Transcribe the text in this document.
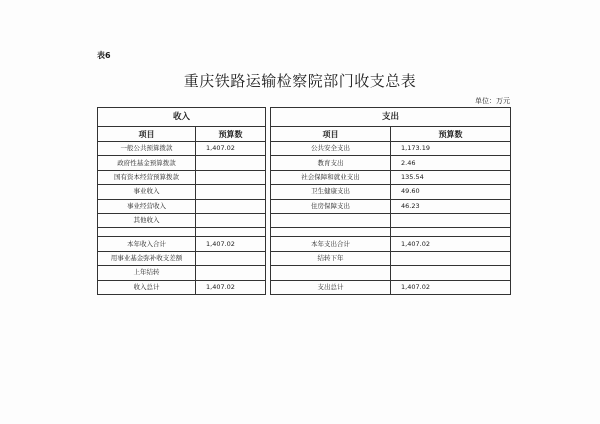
表6
重庆铁路运输检察院部门收支总表
单位：万元
收入			支出	
项目	预算数		项目	预算数
一般公共预算拨款	1,407.02		公共安全支出	1,173.19
政府性基金预算拨款			教育支出	2.46
国有资本经营预算拨款			社会保障和就业支出	135.54
事业收入			卫生健康支出	49.60
事业经营收入			住房保障支出	46.23
其他收入				

本年收入合计	1,407.02		本年支出合计	1,407.02
用事业基金弥补收支差额			结转下年	
上年结转				
收入总计	1,407.02		支出总计	1,407.02
